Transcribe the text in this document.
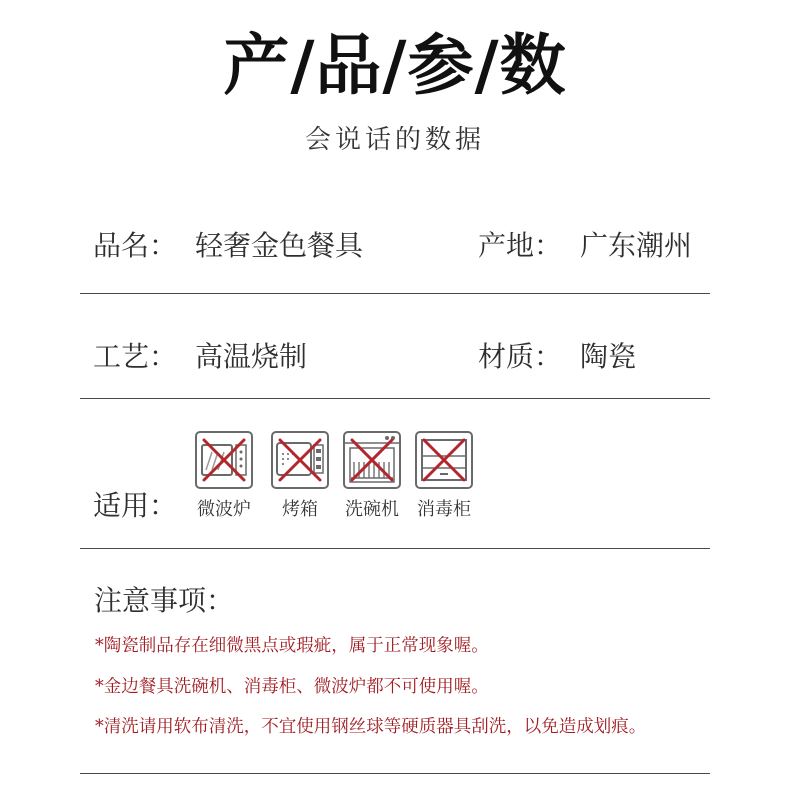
产/品/参/数
会说话的数据
品名： 轻奢金色餐具	产地： 广东潮州
工艺： 高温烧制	材质： 陶瓷
适用： 微波炉	烤箱	洗碗机 消毒柜
注意事项：
*陶瓷制品存在细微黑点或瑕疵，属于正常现象喔。
*金边餐具洗碗机、消毒柜、微波炉都不可使用喔。
*清洗请用软布清洗，不宜使用钢丝球等硬质器具刮洗，以免造成划痕。
